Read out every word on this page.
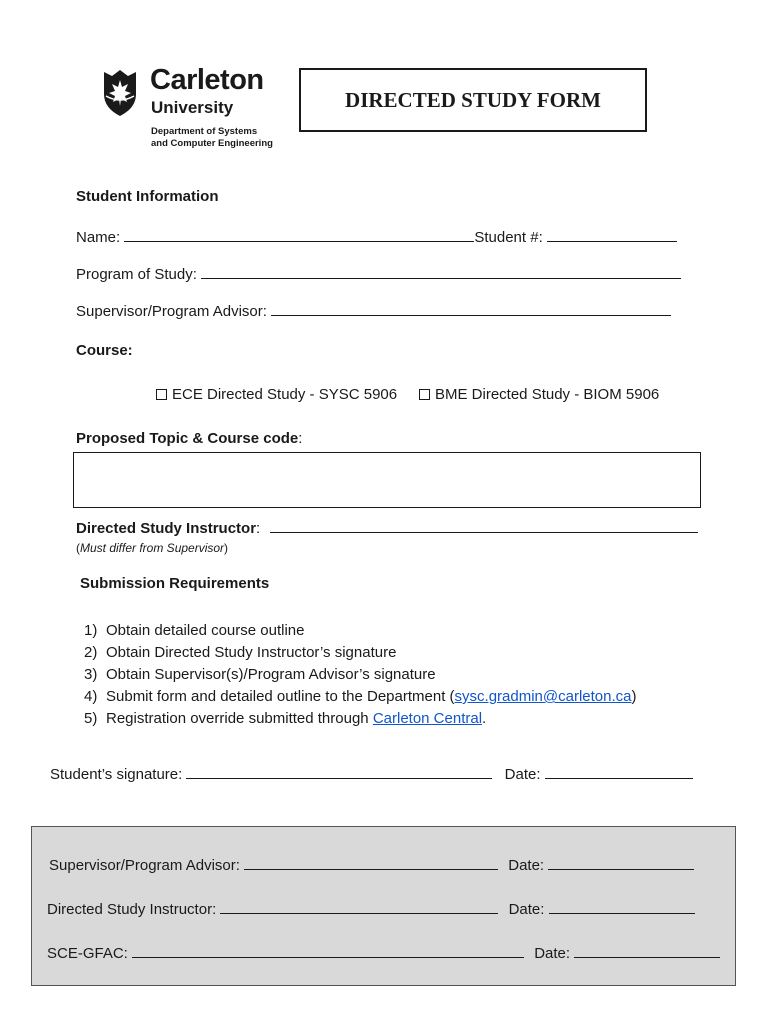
Carleton
University
Department of Systems
and Computer Engineering
DIRECTED STUDY FORM
Student Information
Name:	Student #:
Program of Study:
Supervisor/Program Advisor:
Course:
ECE Directed Study - SYSC 5906	BME Directed Study - BIOM 5906
Proposed Topic & Course code:
Directed Study Instructor:
(Must differ from Supervisor)
Submission Requirements
1) Obtain detailed course outline
2) Obtain Directed Study Instructor’s signature
3) Obtain Supervisor(s)/Program Advisor’s signature
4) Submit form and detailed outline to the Department (sysc.gradmin@carleton.ca)
5) Registration override submitted through Carleton Central.
Student’s signature:	Date:
Supervisor/Program Advisor:	Date:
Directed Study Instructor:	Date:
SCE-GFAC:	Date:
